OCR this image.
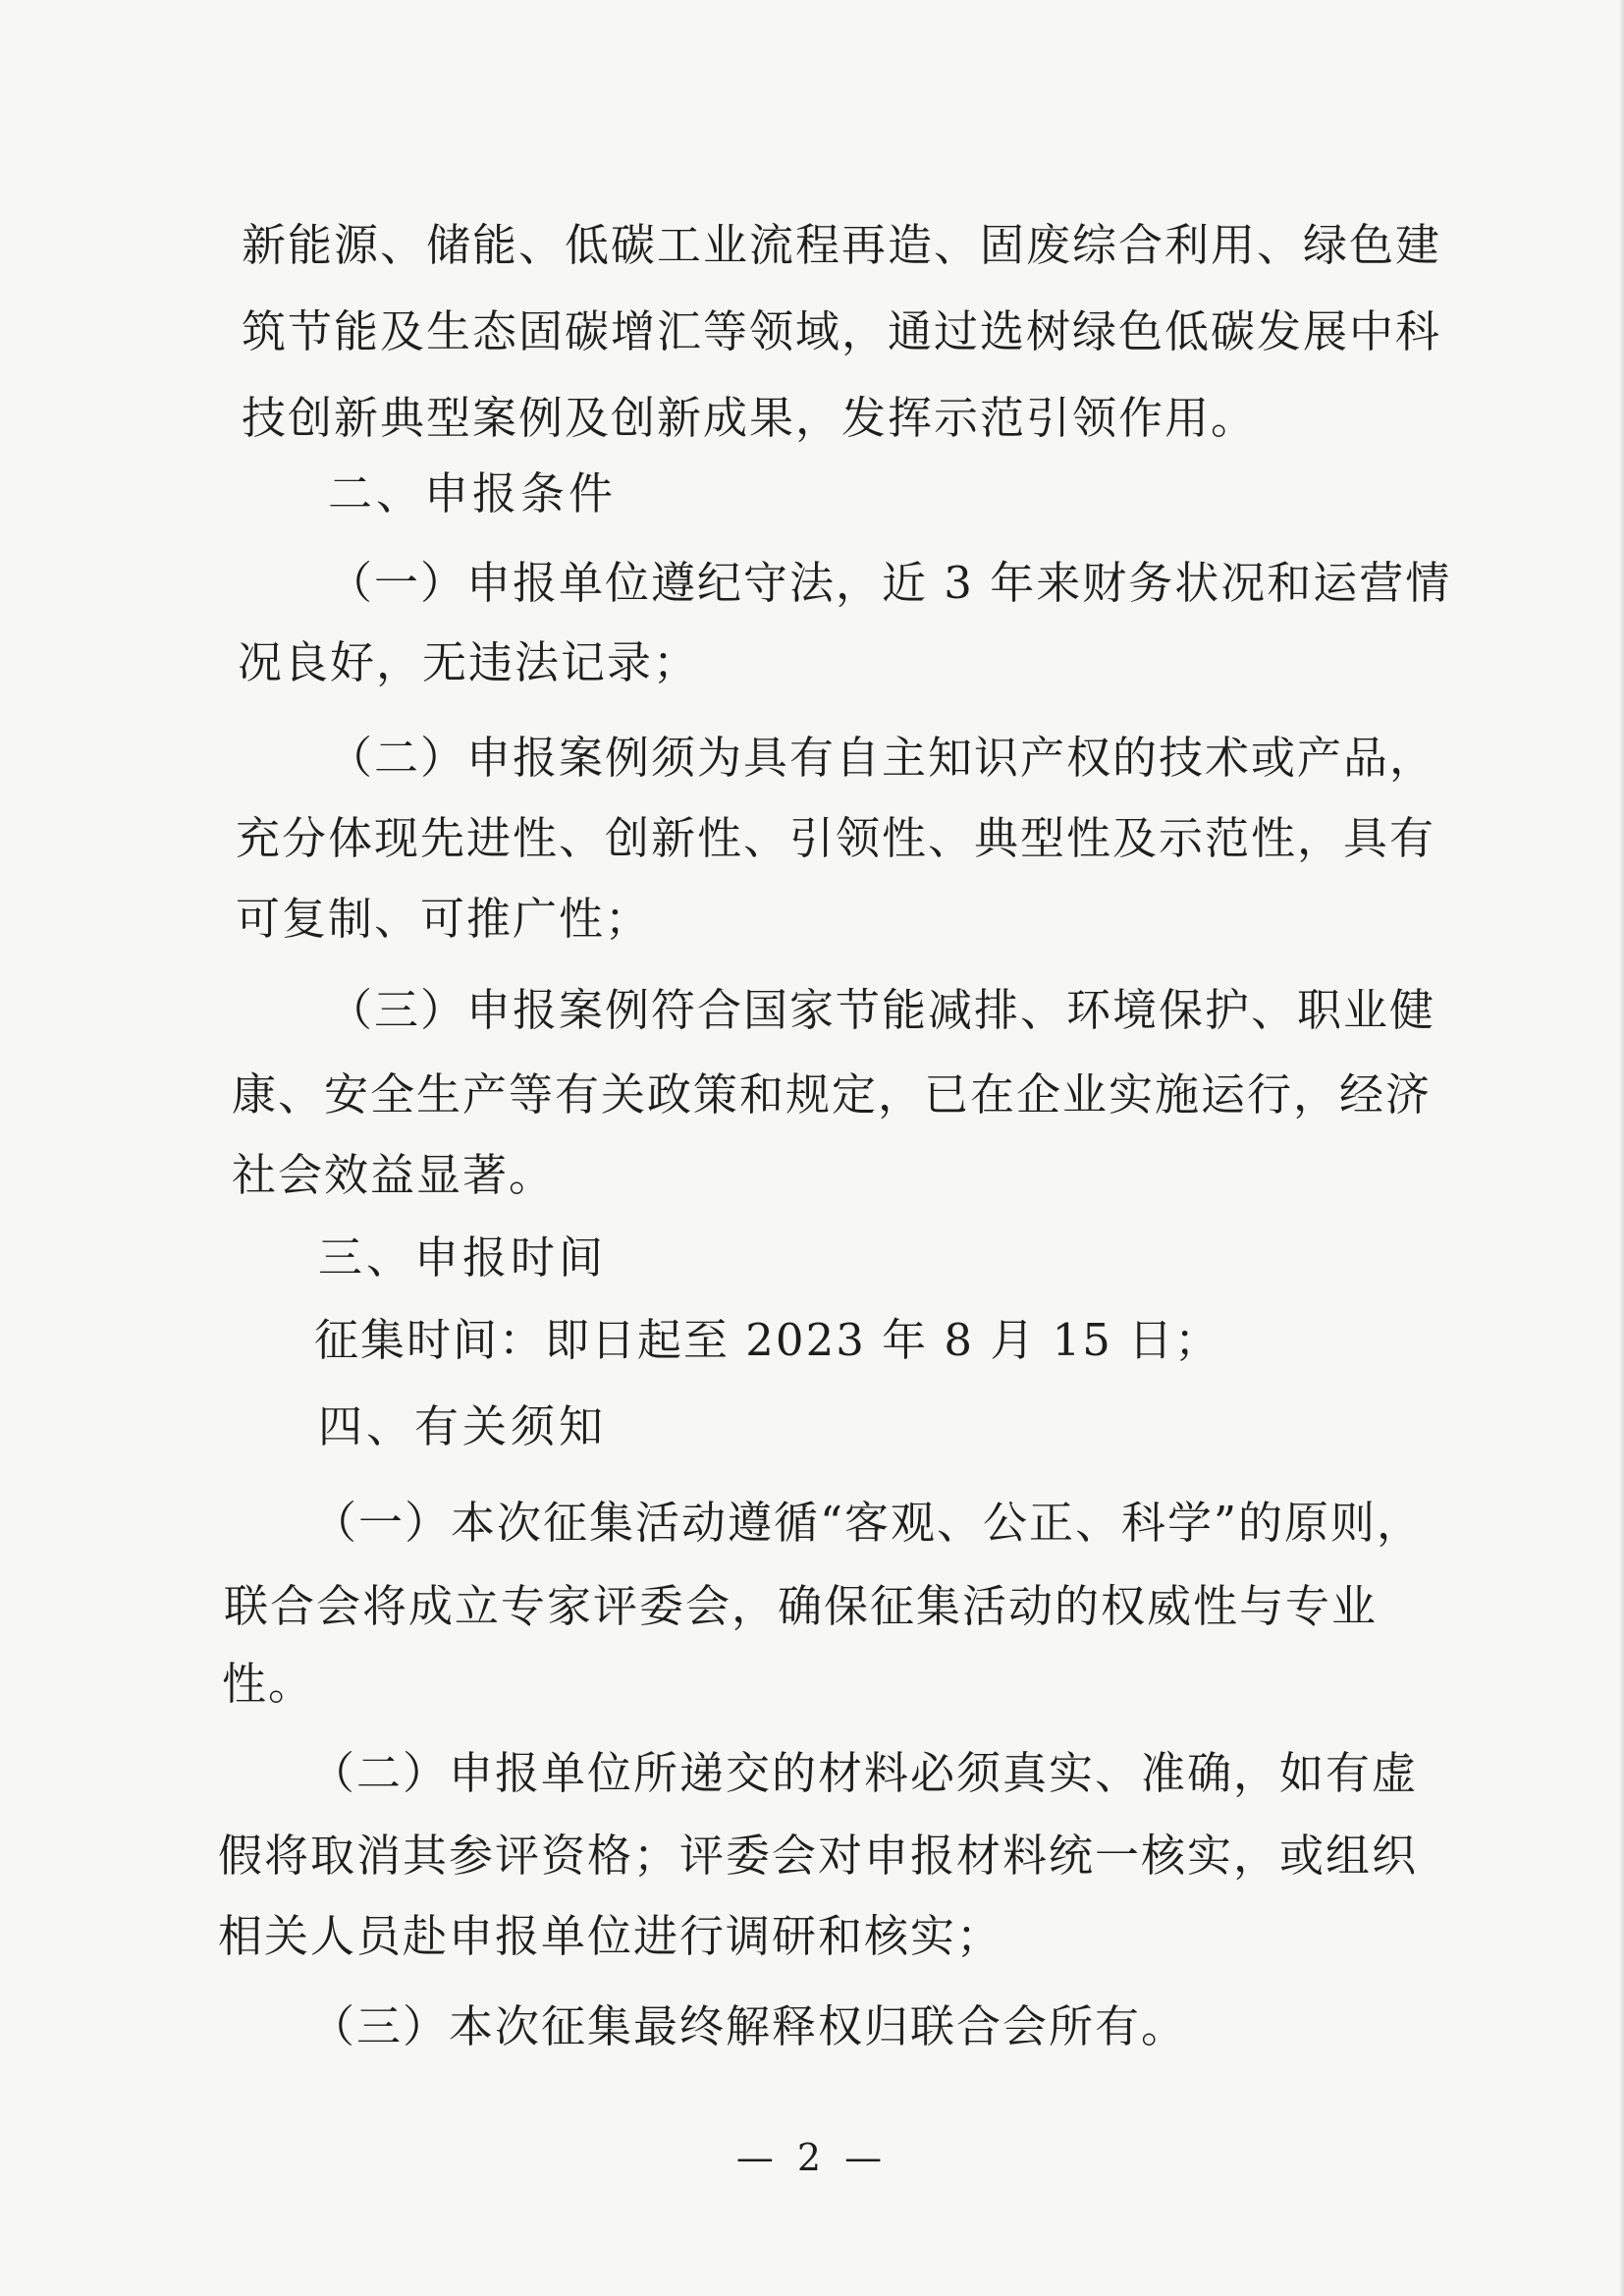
新能源、储能、低碳工业流程再造、固废综合利用、绿色建
筑节能及生态固碳增汇等领域，通过选树绿色低碳发展中科
技创新典型案例及创新成果，发挥示范引领作用。
二、申报条件
（一）申报单位遵纪守法，近 3 年来财务状况和运营情
况良好，无违法记录；
（二）申报案例须为具有自主知识产权的技术或产品，
充分体现先进性、创新性、引领性、典型性及示范性，具有
可复制、可推广性；
（三）申报案例符合国家节能减排、环境保护、职业健
康、安全生产等有关政策和规定，已在企业实施运行，经济
社会效益显著。
三、申报时间
征集时间：即日起至 2023 年 8 月 15 日；
四、有关须知
（一）本次征集活动遵循“客观、公正、科学”的原则，
联合会将成立专家评委会，确保征集活动的权威性与专业
性。
（二）申报单位所递交的材料必须真实、准确，如有虚
假将取消其参评资格；评委会对申报材料统一核实，或组织
相关人员赴申报单位进行调研和核实；
（三）本次征集最终解释权归联合会所有。
— 2 —
